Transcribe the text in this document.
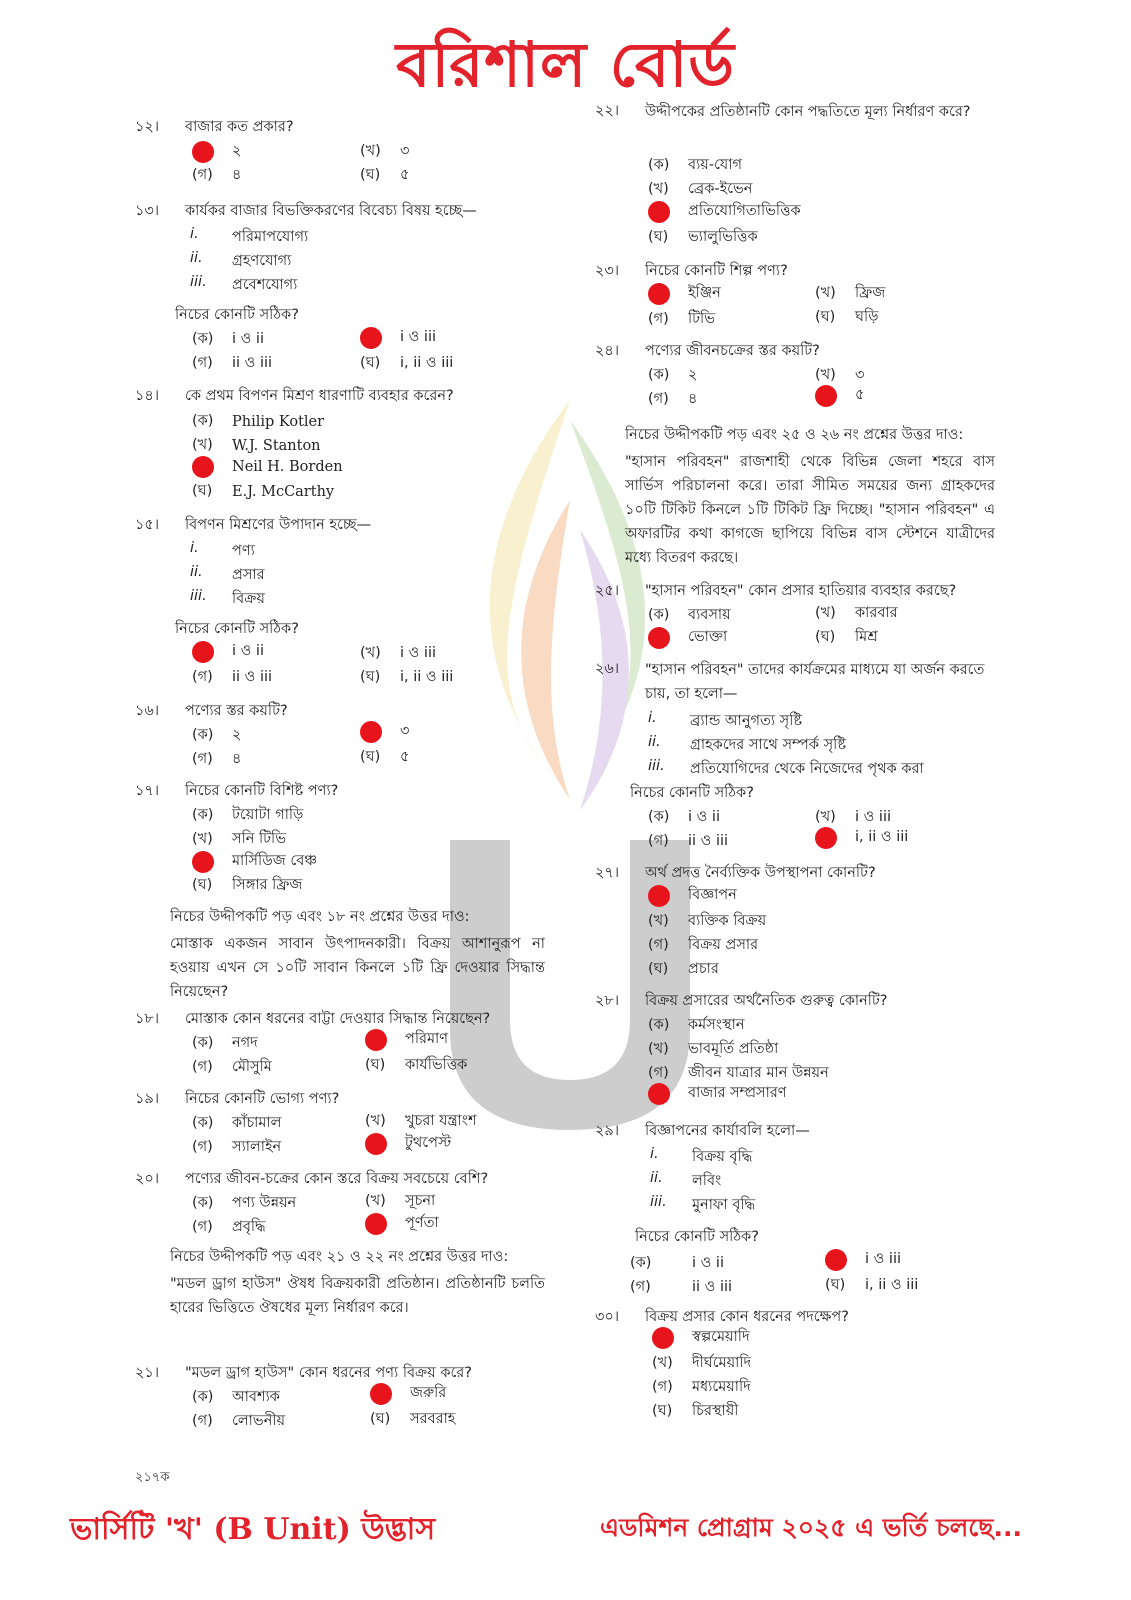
বরিশাল বোর্ড
১২।	বাজার কত প্রকার?
২	(খ)	৩
(গ)	৪	(ঘ)	৫
১৩।	কার্যকর বাজার বিভক্তিকরণের বিবেচ্য বিষয় হচ্ছে—
i.	পরিমাপযোগ্য
ii.	গ্রহণযোগ্য
iii.	প্রবেশযোগ্য
নিচের কোনটি সঠিক?
(ক)	i ও ii	i ও iii
(গ)	ii ও iii	(ঘ)	i, ii ও iii
১৪।	কে প্রথম বিপণন মিশ্রণ ধারণাটি ব্যবহার করেন?
(ক)	Philip Kotler
(খ)	W.J. Stanton
Neil H. Borden
(ঘ)	E.J. McCarthy
১৫।	বিপণন মিশ্রণের উপাদান হচ্ছে—
i.	পণ্য
ii.	প্রসার
iii.	বিক্রয়
নিচের কোনটি সঠিক?
i ও ii	(খ)	i ও iii
(গ)	ii ও iii	(ঘ)	i, ii ও iii
১৬।	পণ্যের স্তর কয়টি?
(ক)	২	৩
(গ)	৪	(ঘ)	৫
১৭।	নিচের কোনটি বিশিষ্ট পণ্য?
(ক)	টয়োটা গাড়ি
(খ)	সনি টিভি
মার্সিডিজ বেঞ্চ
(ঘ)	সিঙ্গার ফ্রিজ
নিচের উদ্দীপকটি পড় এবং ১৮ নং প্রশ্নের উত্তর দাও:
মোস্তাক একজন সাবান উৎপাদনকারী। বিক্রয় আশানুরূপ না হওয়ায় এখন সে ১০টি সাবান কিনলে ১টি ফ্রি দেওয়ার সিদ্ধান্ত নিয়েছেন?
১৮।	মোস্তাক কোন ধরনের বাট্টা দেওয়ার সিদ্ধান্ত নিয়েছেন?
(ক)	নগদ	পরিমাণ
(গ)	মৌসুমি	(ঘ)	কার্যভিত্তিক
১৯।	নিচের কোনটি ভোগ্য পণ্য?
(ক)	কাঁচামাল	(খ)	খুচরা যন্ত্রাংশ
(গ)	স্যালাইন	টুথপেস্ট
২০।	পণ্যের জীবন-চক্রের কোন স্তরে বিক্রয় সবচেয়ে বেশি?
(ক)	পণ্য উন্নয়ন	(খ)	সূচনা
(গ)	প্রবৃদ্ধি	পূর্ণতা
নিচের উদ্দীপকটি পড় এবং ২১ ও ২২ নং প্রশ্নের উত্তর দাও:
"মডল ড্রাগ হাউস" ঔষধ বিক্রয়কারী প্রতিষ্ঠান। প্রতিষ্ঠানটি চলতি হারের ভিত্তিতে ঔষধের মূল্য নির্ধারণ করে।
২১।	"মডল ড্রাগ হাউস" কোন ধরনের পণ্য বিক্রয় করে?
(ক)	আবশ্যক	জরুরি
(গ)	লোভনীয়	(ঘ)	সরবরাহ
২২।	উদ্দীপকের প্রতিষ্ঠানটি কোন পদ্ধতিতে মূল্য নির্ধারণ করে?
(ক)	ব্যয়-যোগ
(খ)	ব্রেক-ইভেন
প্রতিযোগিতাভিত্তিক
(ঘ)	ভ্যালুভিত্তিক
২৩।	নিচের কোনটি শিল্প পণ্য?
ইঞ্জিন	(খ)	ফ্রিজ
(গ)	টিভি	(ঘ)	ঘড়ি
২৪।	পণ্যের জীবনচক্রের স্তর কয়টি?
(ক)	২	(খ)	৩
(গ)	৪	৫
নিচের উদ্দীপকটি পড় এবং ২৫ ও ২৬ নং প্রশ্নের উত্তর দাও:
"হাসান পরিবহন" রাজশাহী থেকে বিভিন্ন জেলা শহরে বাস সার্ভিস পরিচালনা করে। তারা সীমিত সময়ের জন্য গ্রাহকদের ১০টি টিকিট কিনলে ১টি টিকিট ফ্রি দিচ্ছে। "হাসান পরিবহন" এ অফারটির কথা কাগজে ছাপিয়ে বিভিন্ন বাস স্টেশনে যাত্রীদের মধ্যে বিতরণ করছে।
২৫।	"হাসান পরিবহন" কোন প্রসার হাতিয়ার ব্যবহার করছে?
(ক)	ব্যবসায়	(খ)	কারবার
ভোক্তা	(ঘ)	মিশ্র
২৬।	"হাসান পরিবহন" তাদের কার্যক্রমের মাধ্যমে যা অর্জন করতে চায়, তা হলো—
i.	ব্র্যান্ড আনুগত্য সৃষ্টি
ii.	গ্রাহকদের সাথে সম্পর্ক সৃষ্টি
iii.	প্রতিযোগিদের থেকে নিজেদের পৃথক করা
নিচের কোনটি সঠিক?
(ক)	i ও ii	(খ)	i ও iii
(গ)	ii ও iii	i, ii ও iii
২৭।	অর্থ প্রদত্ত নৈর্ব্যক্তিক উপস্থাপনা কোনটি?
বিজ্ঞাপন
(খ)	ব্যক্তিক বিক্রয়
(গ)	বিক্রয় প্রসার
(ঘ)	প্রচার
২৮।	বিক্রয় প্রসারের অর্থনৈতিক গুরুত্ব কোনটি?
(ক)	কর্মসংস্থান
(খ)	ভাবমূর্তি প্রতিষ্ঠা
(গ)	জীবন যাত্রার মান উন্নয়ন
বাজার সম্প্রসারণ
২৯।	বিজ্ঞাপনের কার্যাবলি হলো—
i.	বিক্রয় বৃদ্ধি
ii.	লবিং
iii.	মুনাফা বৃদ্ধি
নিচের কোনটি সঠিক?
(ক)	i ও ii	i ও iii
(গ)	ii ও iii	(ঘ)	i, ii ও iii
৩০।	বিক্রয় প্রসার কোন ধরনের পদক্ষেপ?
স্বল্পমেয়াদি
(খ)	দীর্ঘমেয়াদি
(গ)	মধ্যমেয়াদি
(ঘ)	চিরস্থায়ী
২১৭ক
ভার্সিটি 'খ' (B Unit) উদ্ভাস	এডমিশন প্রোগ্রাম ২০২৫ এ ভর্তি চলছে...
